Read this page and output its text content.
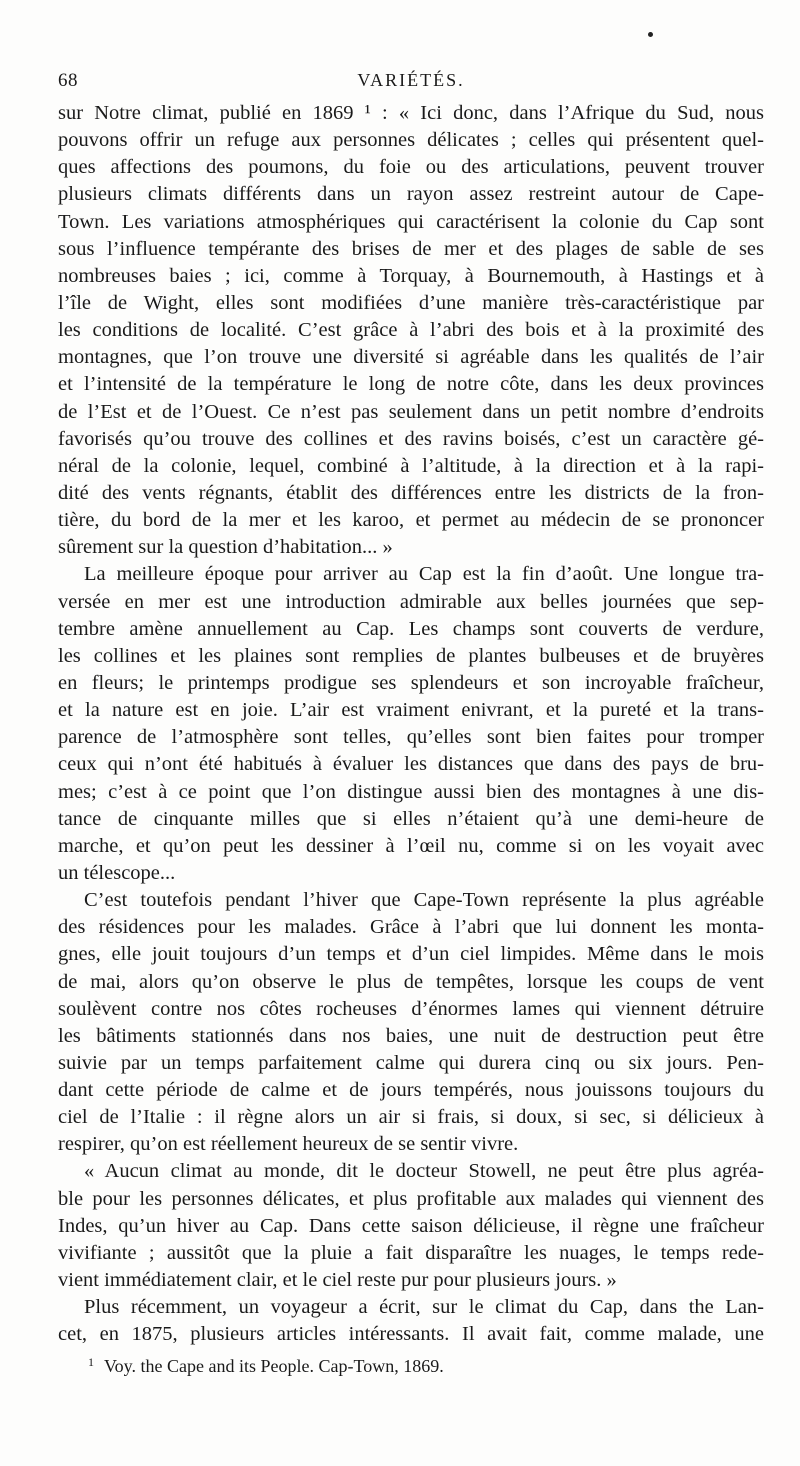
68	VARIÉTÉS.
sur Notre climat, publié en 1869 ¹ : « Ici donc, dans l’Afrique du Sud, nous
pouvons offrir un refuge aux personnes délicates ; celles qui présentent quel-
ques affections des poumons, du foie ou des articulations, peuvent trouver
plusieurs climats différents dans un rayon assez restreint autour de Cape-
Town. Les variations atmosphériques qui caractérisent la colonie du Cap sont
sous l’influence tempérante des brises de mer et des plages de sable de ses
nombreuses baies ; ici, comme à Torquay, à Bournemouth, à Hastings et à
l’île de Wight, elles sont modifiées d’une manière très-caractéristique par
les conditions de localité. C’est grâce à l’abri des bois et à la proximité des
montagnes, que l’on trouve une diversité si agréable dans les qualités de l’air
et l’intensité de la température le long de notre côte, dans les deux provinces
de l’Est et de l’Ouest. Ce n’est pas seulement dans un petit nombre d’endroits
favorisés qu’ou trouve des collines et des ravins boisés, c’est un caractère gé-
néral de la colonie, lequel, combiné à l’altitude, à la direction et à la rapi-
dité des vents régnants, établit des différences entre les districts de la fron-
tière, du bord de la mer et les karoo, et permet au médecin de se prononcer
sûrement sur la question d’habitation... »
La meilleure époque pour arriver au Cap est la fin d’août. Une longue tra-
versée en mer est une introduction admirable aux belles journées que sep-
tembre amène annuellement au Cap. Les champs sont couverts de verdure,
les collines et les plaines sont remplies de plantes bulbeuses et de bruyères
en fleurs; le printemps prodigue ses splendeurs et son incroyable fraîcheur,
et la nature est en joie. L’air est vraiment enivrant, et la pureté et la trans-
parence de l’atmosphère sont telles, qu’elles sont bien faites pour tromper
ceux qui n’ont été habitués à évaluer les distances que dans des pays de bru-
mes; c’est à ce point que l’on distingue aussi bien des montagnes à une dis-
tance de cinquante milles que si elles n’étaient qu’à une demi-heure de
marche, et qu’on peut les dessiner à l’œil nu, comme si on les voyait avec
un télescope...
C’est toutefois pendant l’hiver que Cape-Town représente la plus agréable
des résidences pour les malades. Grâce à l’abri que lui donnent les monta-
gnes, elle jouit toujours d’un temps et d’un ciel limpides. Même dans le mois
de mai, alors qu’on observe le plus de tempêtes, lorsque les coups de vent
soulèvent contre nos côtes rocheuses d’énormes lames qui viennent détruire
les bâtiments stationnés dans nos baies, une nuit de destruction peut être
suivie par un temps parfaitement calme qui durera cinq ou six jours. Pen-
dant cette période de calme et de jours tempérés, nous jouissons toujours du
ciel de l’Italie : il règne alors un air si frais, si doux, si sec, si délicieux à
respirer, qu’on est réellement heureux de se sentir vivre.
« Aucun climat au monde, dit le docteur Stowell, ne peut être plus agréa-
ble pour les personnes délicates, et plus profitable aux malades qui viennent des
Indes, qu’un hiver au Cap. Dans cette saison délicieuse, il règne une fraîcheur
vivifiante ; aussitôt que la pluie a fait disparaître les nuages, le temps rede-
vient immédiatement clair, et le ciel reste pur pour plusieurs jours. »
Plus récemment, un voyageur a écrit, sur le climat du Cap, dans the Lan-
cet, en 1875, plusieurs articles intéressants. Il avait fait, comme malade, une
$^1$ Voy. the Cape and its People. Cap-Town, 1869.
